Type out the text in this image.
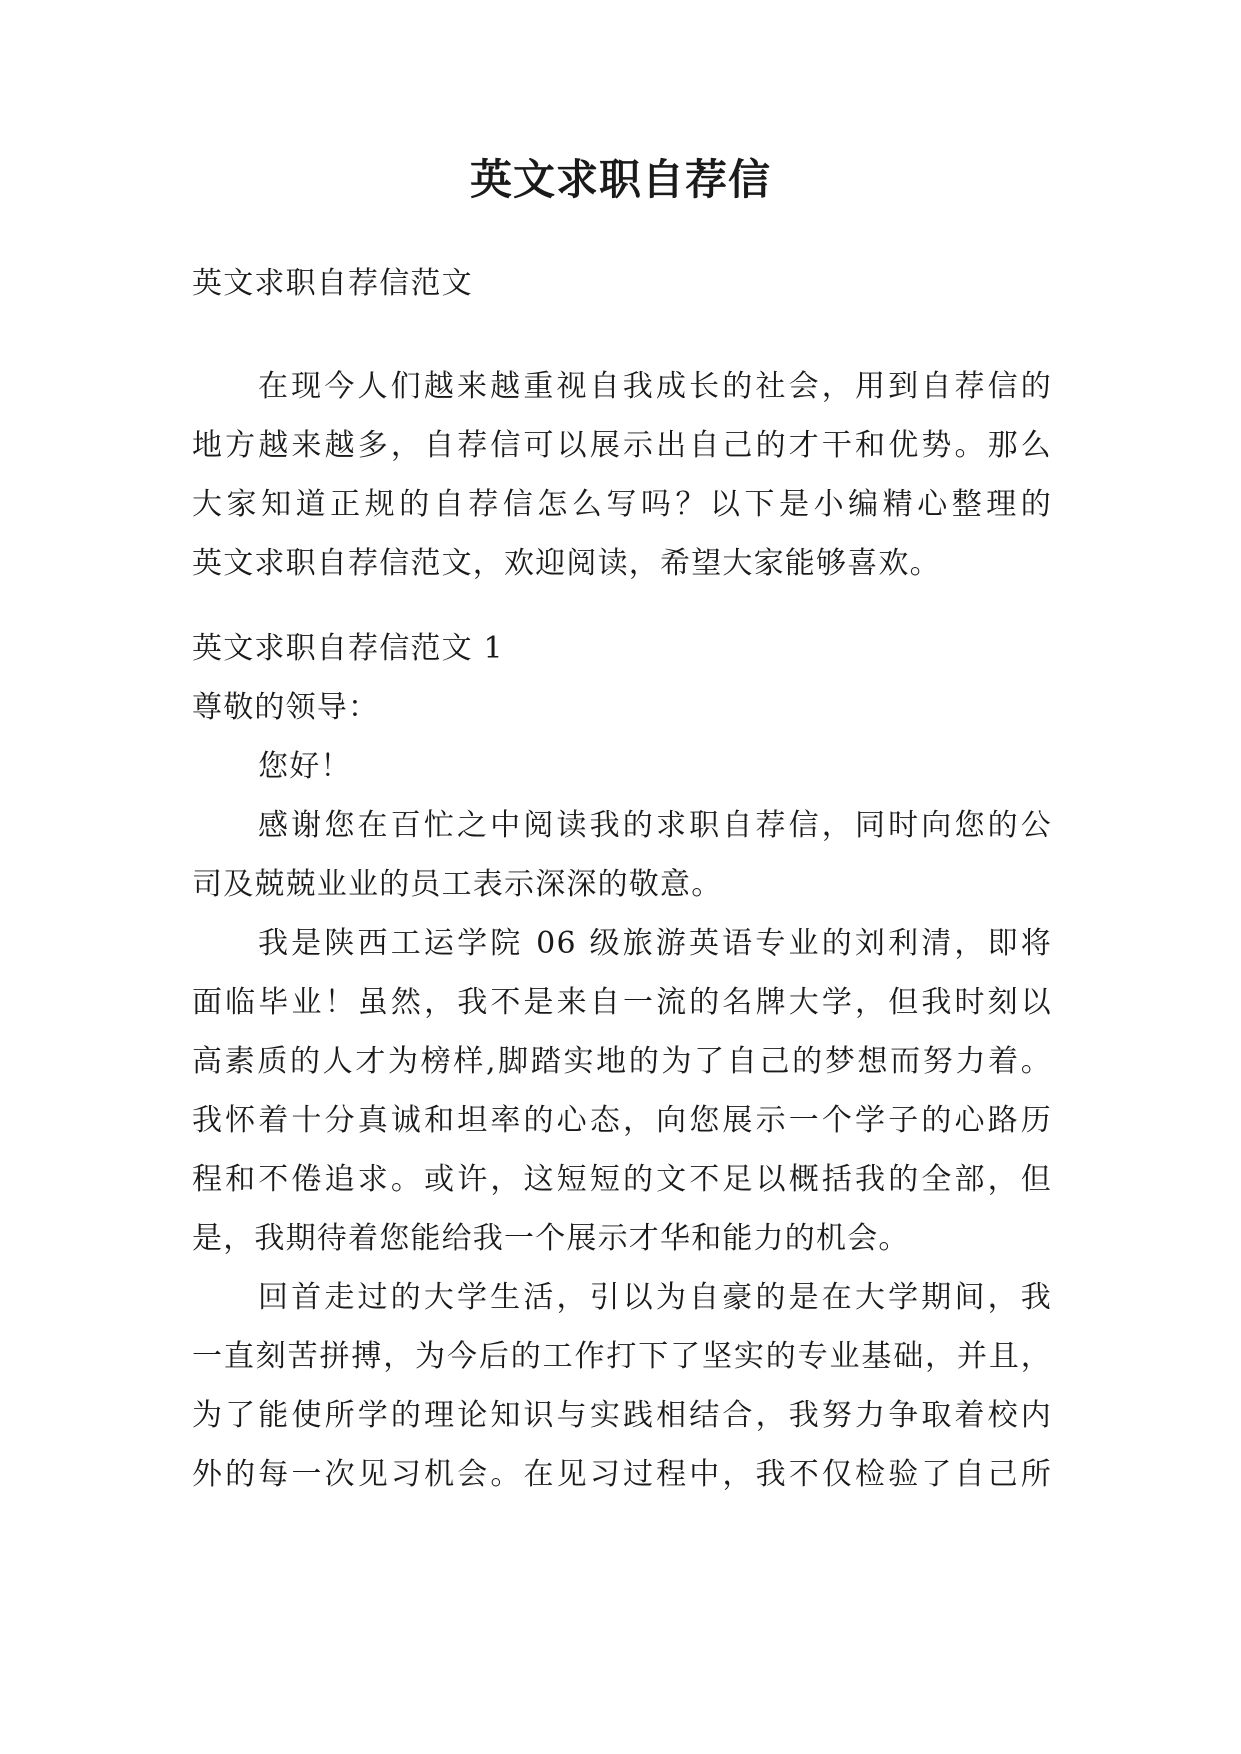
英文求职自荐信
英文求职自荐信范文
在现今人们越来越重视自我成长的社会，用到自荐信的
地方越来越多，自荐信可以展示出自己的才干和优势。那么
大家知道正规的自荐信怎么写吗？以下是小编精心整理的
英文求职自荐信范文，欢迎阅读，希望大家能够喜欢。
英文求职自荐信范文 1
尊敬的领导：
您好！
感谢您在百忙之中阅读我的求职自荐信，同时向您的公
司及兢兢业业的员工表示深深的敬意。
我是陕西工运学院 06 级旅游英语专业的刘利清，即将
面临毕业！虽然，我不是来自一流的名牌大学，但我时刻以
高素质的人才为榜样,脚踏实地的为了自己的梦想而努力着。
我怀着十分真诚和坦率的心态，向您展示一个学子的心路历
程和不倦追求。或许，这短短的文不足以概括我的全部，但
是，我期待着您能给我一个展示才华和能力的机会。
回首走过的大学生活，引以为自豪的是在大学期间，我
一直刻苦拼搏，为今后的工作打下了坚实的专业基础，并且，
为了能使所学的理论知识与实践相结合，我努力争取着校内
外的每一次见习机会。在见习过程中，我不仅检验了自己所
